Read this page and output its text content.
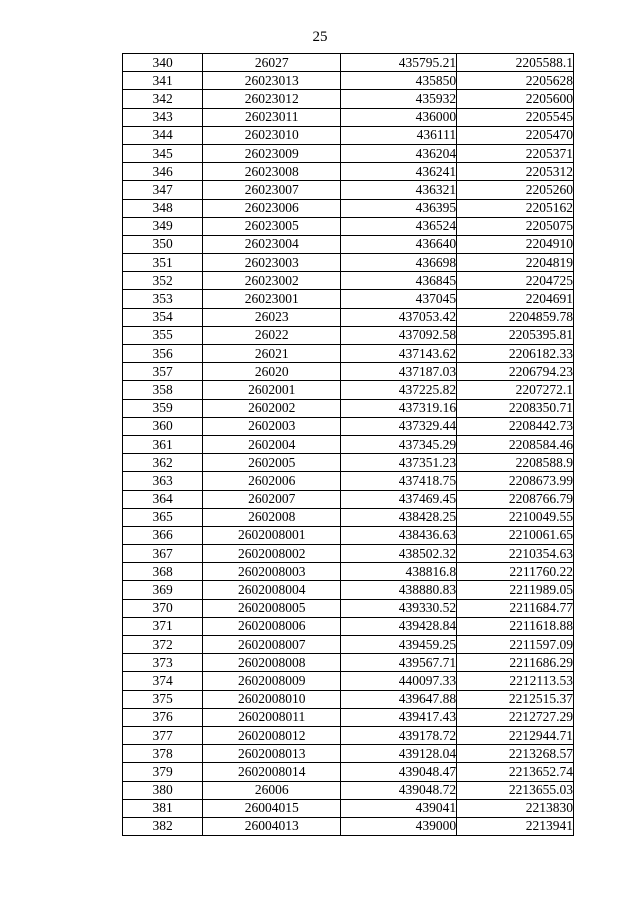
25
340	26027	435795.21	2205588.1
341	26023013	435850	2205628
342	26023012	435932	2205600
343	26023011	436000	2205545
344	26023010	436111	2205470
345	26023009	436204	2205371
346	26023008	436241	2205312
347	26023007	436321	2205260
348	26023006	436395	2205162
349	26023005	436524	2205075
350	26023004	436640	2204910
351	26023003	436698	2204819
352	26023002	436845	2204725
353	26023001	437045	2204691
354	26023	437053.42	2204859.78
355	26022	437092.58	2205395.81
356	26021	437143.62	2206182.33
357	26020	437187.03	2206794.23
358	2602001	437225.82	2207272.1
359	2602002	437319.16	2208350.71
360	2602003	437329.44	2208442.73
361	2602004	437345.29	2208584.46
362	2602005	437351.23	2208588.9
363	2602006	437418.75	2208673.99
364	2602007	437469.45	2208766.79
365	2602008	438428.25	2210049.55
366	2602008001	438436.63	2210061.65
367	2602008002	438502.32	2210354.63
368	2602008003	438816.8	2211760.22
369	2602008004	438880.83	2211989.05
370	2602008005	439330.52	2211684.77
371	2602008006	439428.84	2211618.88
372	2602008007	439459.25	2211597.09
373	2602008008	439567.71	2211686.29
374	2602008009	440097.33	2212113.53
375	2602008010	439647.88	2212515.37
376	2602008011	439417.43	2212727.29
377	2602008012	439178.72	2212944.71
378	2602008013	439128.04	2213268.57
379	2602008014	439048.47	2213652.74
380	26006	439048.72	2213655.03
381	26004015	439041	2213830
382	26004013	439000	2213941
